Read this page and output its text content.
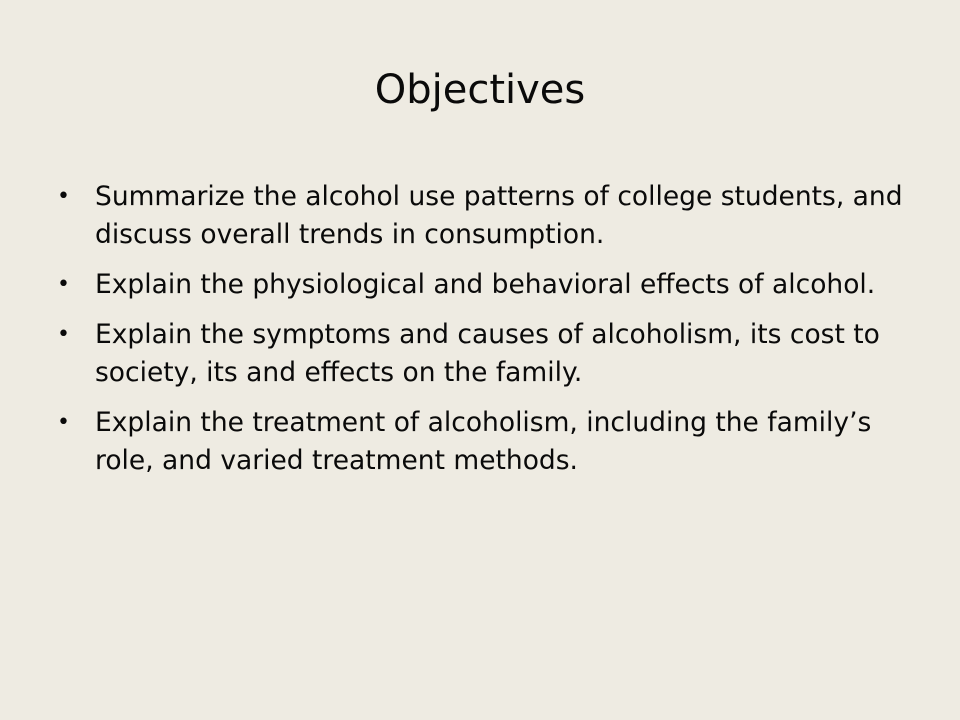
Objectives
• Summarize the alcohol use patterns of college students, and discuss overall trends in consumption.
• Explain the physiological and behavioral effects of alcohol.
• Explain the symptoms and causes of alcoholism, its cost to society, its and effects on the family.
• Explain the treatment of alcoholism, including the family’s role, and varied treatment methods.
